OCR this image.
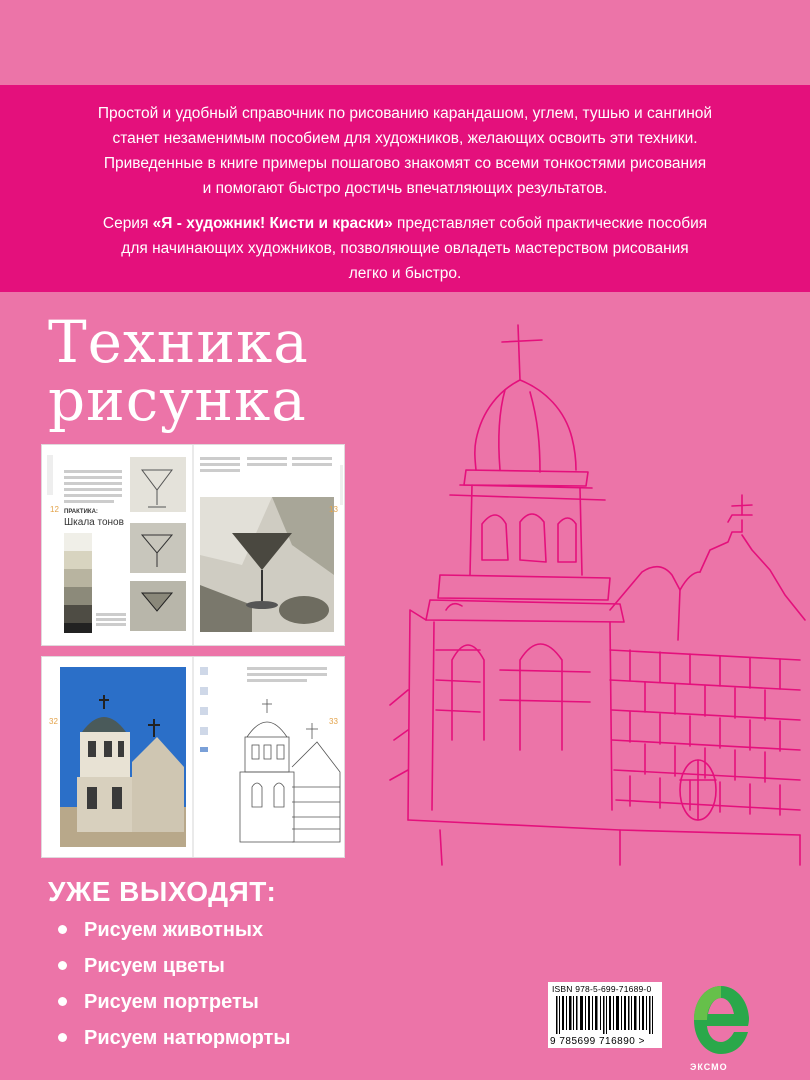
Простой и удобный справочник по рисованию карандашом, углем, тушью и сангиной
станет незаменимым пособием для художников, желающих освоить эти техники.
Приведенные в книге примеры пошагово знакомят со всеми тонкостями рисования
и помогают быстро достичь впечатляющих результатов.

Серия «Я - художник! Кисти и краски» представляет собой практические пособия
для начинающих художников, позволяющие овладеть мастерством рисования
легко и быстро.

Техника
рисунка
12	13
ПРАКТИКА:
Шкала тонов
32	33
УЖЕ ВЫХОДЯТ:
Рисуем животных
Рисуем цветы
Рисуем портреты
Рисуем натюрморты
ISBN 978-5-699-71689-0
9 785699 716890 >
ЭКСМО
